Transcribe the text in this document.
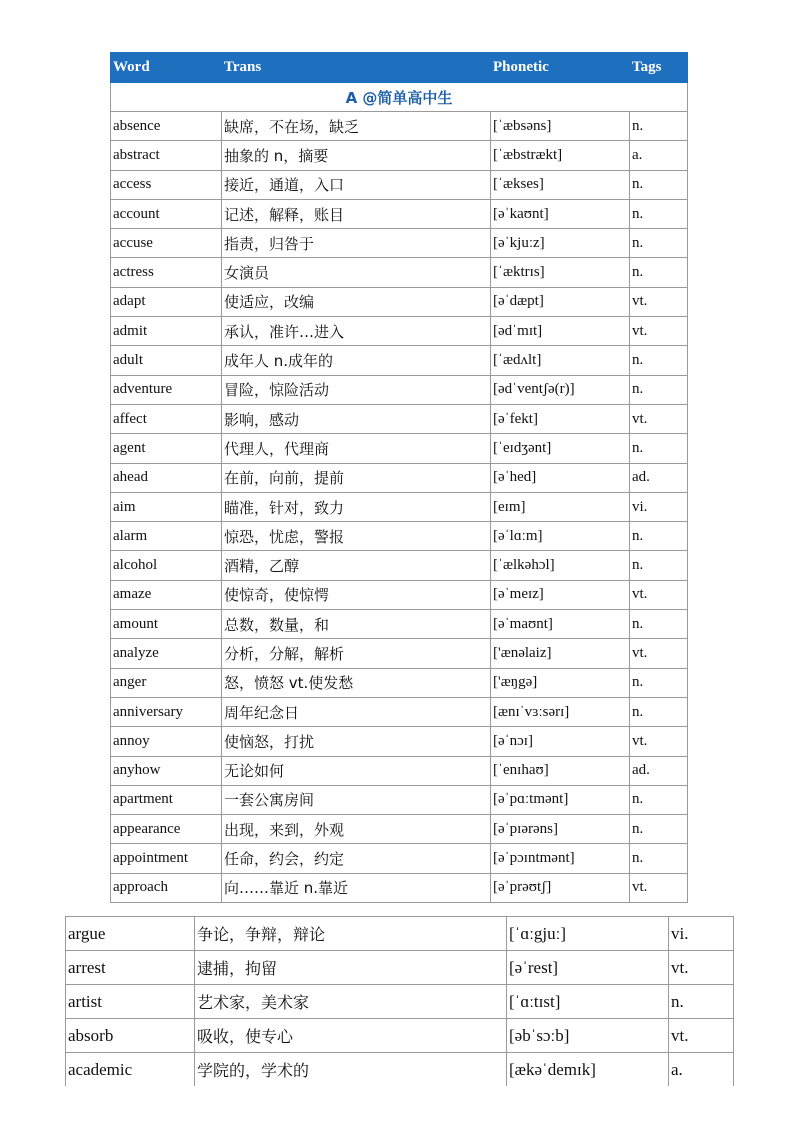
Word	Trans	Phonetic	Tags
A @简单高中生			
absence	缺席，不在场，缺乏	[ˈæbsəns]	n.
abstract	抽象的 n，摘要	[ˈæbstrækt]	a.
access	接近，通道，入口	[ˈækses]	n.
account	记述，解释，账目	[əˈkaʊnt]	n.
accuse	指责，归咎于	[əˈkjuːz]	n.
actress	女演员	[ˈæktrɪs]	n.
adapt	使适应，改编	[əˈdæpt]	vt.
admit	承认，准许…进入	[ədˈmɪt]	vt.
adult	成年人 n.成年的	[ˈædʌlt]	n.
adventure	冒险，惊险活动	[ədˈventʃə(r)]	n.
affect	影响，感动	[əˈfekt]	vt.
agent	代理人，代理商	[ˈeɪdʒənt]	n.
ahead	在前，向前，提前	[əˈhed]	ad.
aim	瞄准，针对，致力	[eɪm]	vi.
alarm	惊恐，忧虑，警报	[əˈlɑːm]	n.
alcohol	酒精，乙醇	[ˈælkəhɔl]	n.
amaze	使惊奇，使惊愕	[əˈmeɪz]	vt.
amount	总数，数量，和	[əˈmaʊnt]	n.
analyze	分析，分解，解析	['ænəlaiz]	vt.
anger	怒，愤怒 vt.使发愁	['æŋgə]	n.
anniversary	周年纪念日	[ænɪˈvɜːsərɪ]	n.
annoy	使恼怒，打扰	[əˈnɔɪ]	vt.
anyhow	无论如何	[ˈenɪhaʊ]	ad.
apartment	一套公寓房间	[əˈpɑːtmənt]	n.
appearance	出现，来到，外观	[əˈpɪərəns]	n.
appointment	任命，约会，约定	[əˈpɔɪntmənt]	n.
approach	向……靠近 n.靠近	[əˈprəʊtʃ]	vt.
argue	争论，争辩，辩论	[ˈɑːgjuː]	vi.
arrest	逮捕，拘留	[əˈrest]	vt.
artist	艺术家，美术家	[ˈɑːtɪst]	n.
absorb	吸收，使专心	[əbˈsɔːb]	vt.
academic	学院的，学术的	[ækəˈdemɪk]	a.
